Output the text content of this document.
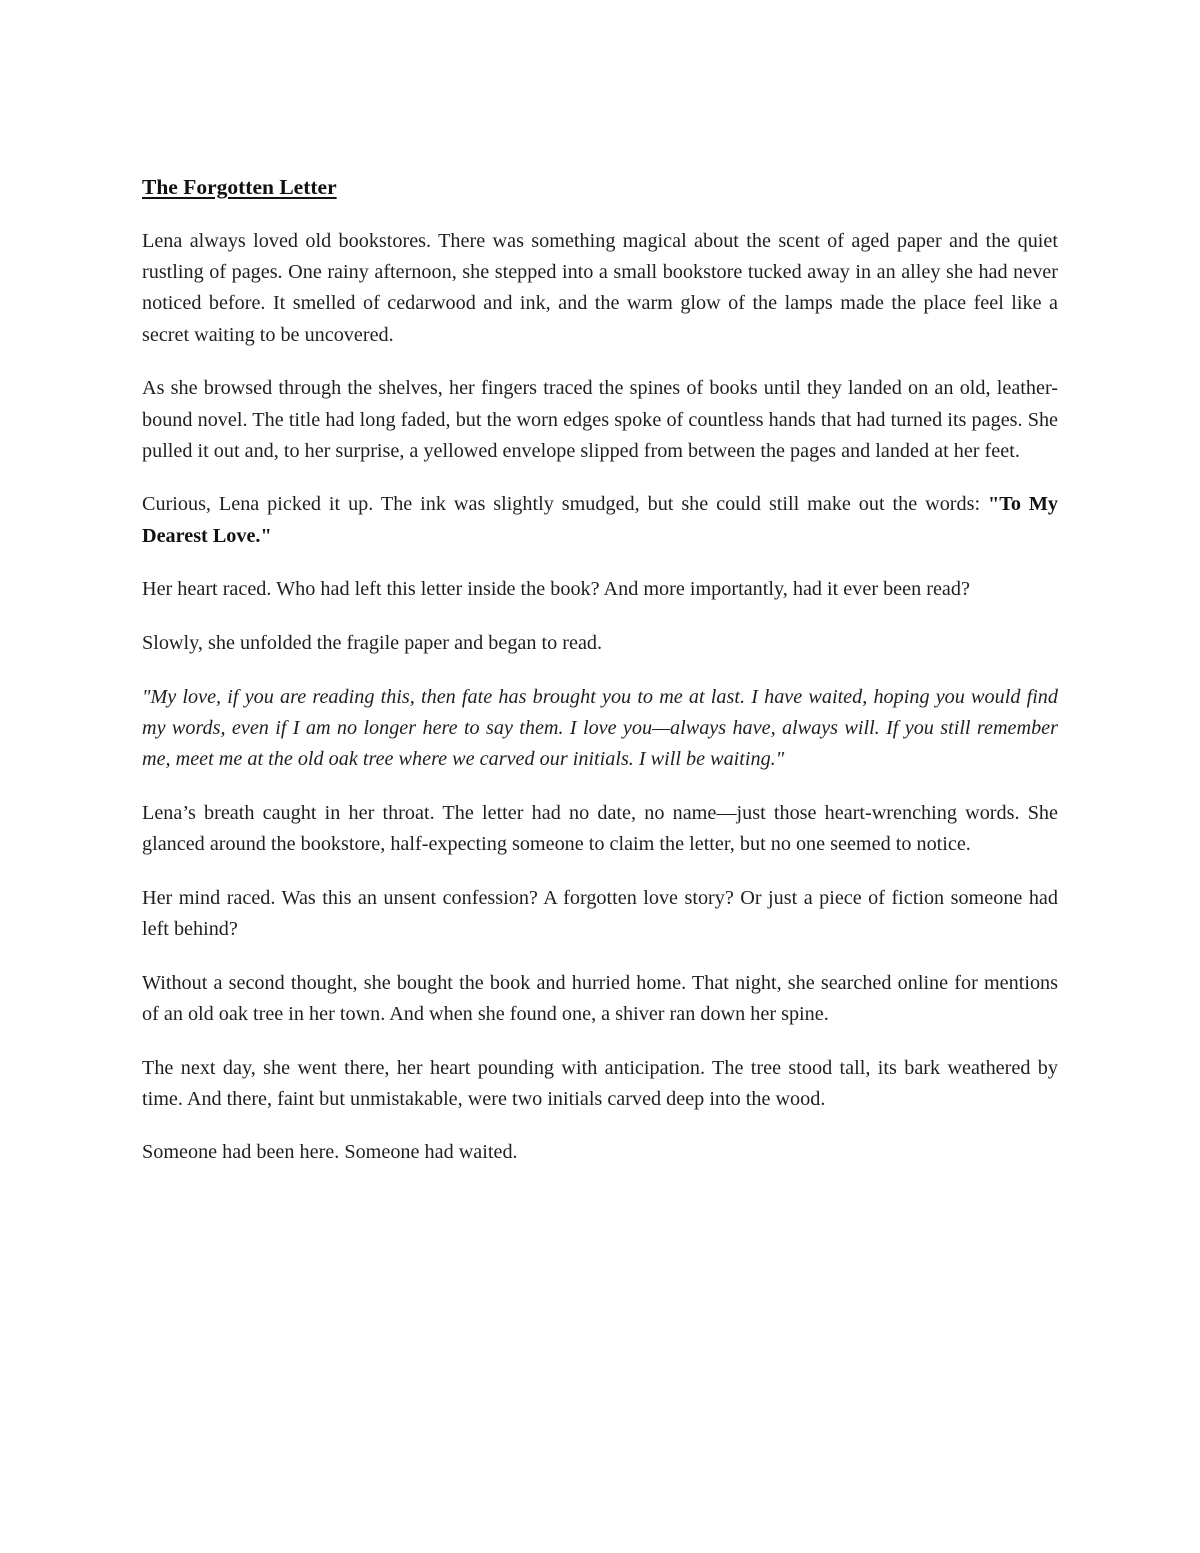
The Forgotten Letter

Lena always loved old bookstores. There was something magical about the scent of aged paper and the quiet rustling of pages. One rainy afternoon, she stepped into a small bookstore tucked away in an alley she had never noticed before. It smelled of cedarwood and ink, and the warm glow of the lamps made the place feel like a secret waiting to be uncovered.

As she browsed through the shelves, her fingers traced the spines of books until they landed on an old, leather-bound novel. The title had long faded, but the worn edges spoke of countless hands that had turned its pages. She pulled it out and, to her surprise, a yellowed envelope slipped from between the pages and landed at her feet.

Curious, Lena picked it up. The ink was slightly smudged, but she could still make out the words: "To My Dearest Love."

Her heart raced. Who had left this letter inside the book? And more importantly, had it ever been read?

Slowly, she unfolded the fragile paper and began to read.

"My love, if you are reading this, then fate has brought you to me at last. I have waited, hoping you would find my words, even if I am no longer here to say them. I love you—always have, always will. If you still remember me, meet me at the old oak tree where we carved our initials. I will be waiting."

Lena’s breath caught in her throat. The letter had no date, no name—just those heart-wrenching words. She glanced around the bookstore, half-expecting someone to claim the letter, but no one seemed to notice.

Her mind raced. Was this an unsent confession? A forgotten love story? Or just a piece of fiction someone had left behind?

Without a second thought, she bought the book and hurried home. That night, she searched online for mentions of an old oak tree in her town. And when she found one, a shiver ran down her spine.

The next day, she went there, her heart pounding with anticipation. The tree stood tall, its bark weathered by time. And there, faint but unmistakable, were two initials carved deep into the wood.

Someone had been here. Someone had waited.
